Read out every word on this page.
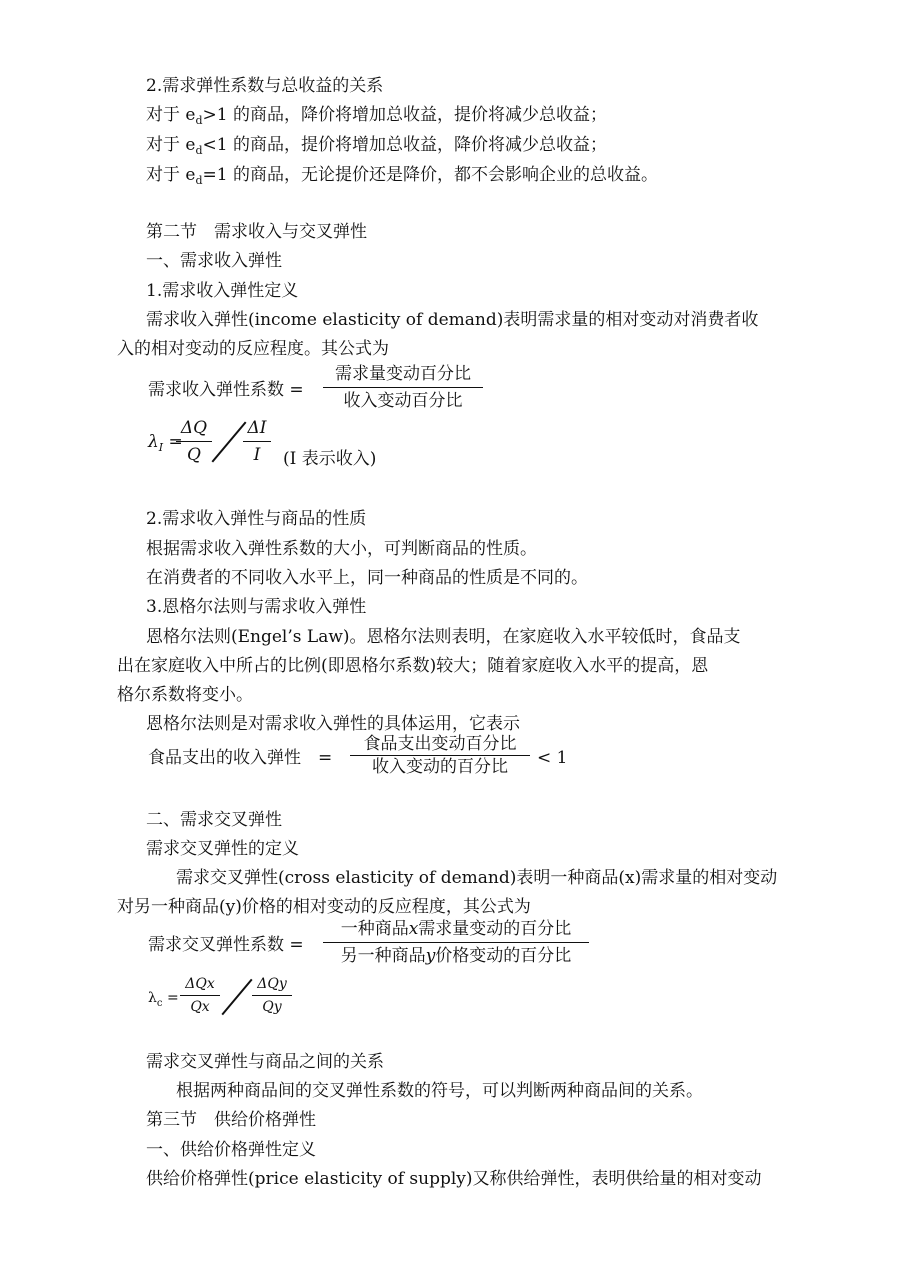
2.需求弹性系数与总收益的关系
对于 $e_d>1$ 的商品，降价将增加总收益，提价将减少总收益；
对于 $e_d<1$ 的商品，提价将增加总收益，降价将减少总收益；
对于 $e_d=1$ 的商品，无论提价还是降价，都不会影响企业的总收益。
第二节　需求收入与交叉弹性
一、需求收入弹性
1.需求收入弹性定义
需求收入弹性(income elasticity of demand)表明需求量的相对变动对消费者收
入的相对变动的反应程度。其公式为
需求收入弹性系数 =
需求量变动百分比
收入变动百分比
$\lambda_I$ =
ΔQ
Q
ΔI
I	(I 表示收入)
2.需求收入弹性与商品的性质
根据需求收入弹性系数的大小，可判断商品的性质。
在消费者的不同收入水平上，同一种商品的性质是不同的。
3.恩格尔法则与需求收入弹性
恩格尔法则(Engel’s Law)。恩格尔法则表明，在家庭收入水平较低时，食品支
出在家庭收入中所占的比例(即恩格尔系数)较大；随着家庭收入水平的提高，恩
格尔系数将变小。
恩格尔法则是对需求收入弹性的具体运用，它表示
食品支出的收入弹性　=
食品支出变动百分比
收入变动的百分比	< 1
二、需求交叉弹性
需求交叉弹性的定义
需求交叉弹性(cross elasticity of demand)表明一种商品(x)需求量的相对变动
对另一种商品(y)价格的相对变动的反应程度，其公式为
需求交叉弹性系数 =
一种商品x需求量变动的百分比
另一种商品y价格变动的百分比
$\lambda_c$ =
ΔQx
Qx
ΔQy
Qy
需求交叉弹性与商品之间的关系
根据两种商品间的交叉弹性系数的符号，可以判断两种商品间的关系。
第三节　供给价格弹性
一、供给价格弹性定义
供给价格弹性(price elasticity of supply)又称供给弹性，表明供给量的相对变动
